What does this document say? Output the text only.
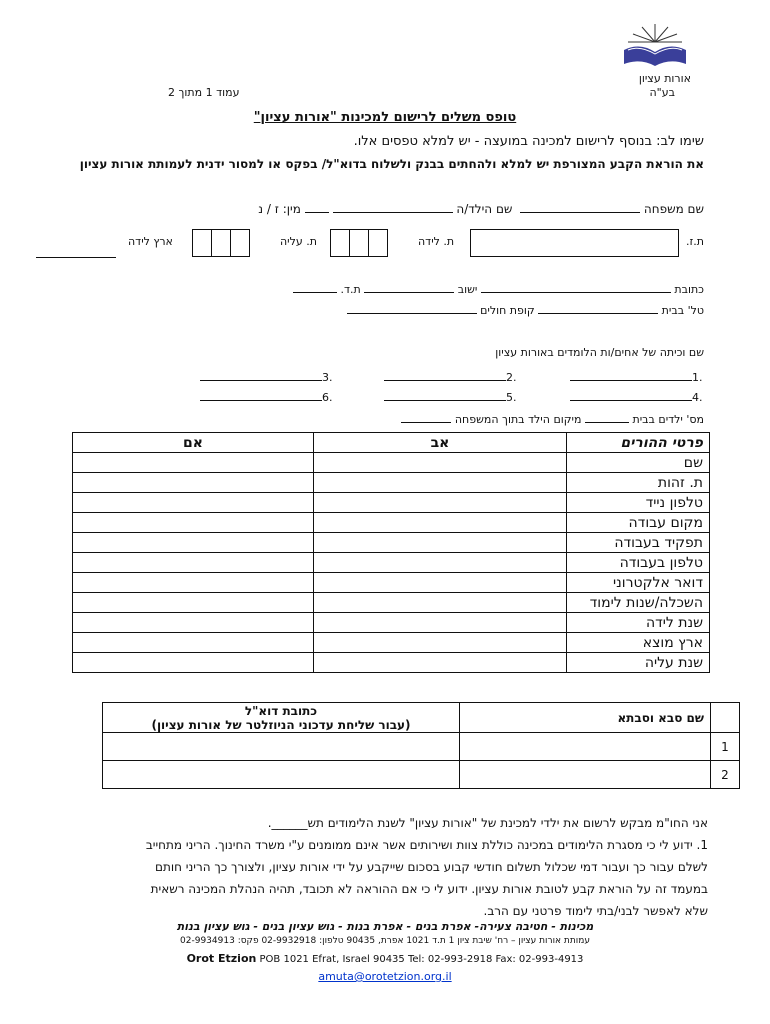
אורות עציון
בע"ה
עמוד 1 מתוך 2
טופס משלים לרישום למכינות "אורות עציון"
שימו לב: בנוסף לרישום למכינה במועצה - יש למלא טפסים אלו.
את הוראת הקבע המצורפת יש למלא ולהחתים בבנק ולשלוח בדוא"ל/ בפקס או למסור ידנית לעמותת אורות עציון
שם משפחה   שם הילד/ה   מין: ז / נ
ת.ז.
ת. לידה
ת. עליה
ארץ לידה
כתובת  ישוב  ת.ד.
טל' בבית  קופת חולים
שם וכיתה של אחים/ות הלומדים באורות עציון
1.
2.
3.
4.
5.
6.
מס' ילדים בבית  מיקום הילד בתוך המשפחה
פרטי ההורים	אב	אם
שם		
ת. זהות		
טלפון נייד		
מקום עבודה		
תפקיד בעבודה		
טלפון בעבודה		
דואר אלקטרוני		
השכלה/שנות לימוד		
שנת לידה		
ארץ מוצא		
שנת עליה		
	שם סבא וסבתא	כתובת דוא"ל
(עבור שליחת עדכוני הניוזלטר של אורות עציון)

1		
2		
אני החו"מ מבקש לרשום את ילדי למכינת של "אורות עציון" לשנת הלימודים תש______.
1. ידוע לי כי מסגרת הלימודים במכינה כוללת צוות ושירותים אשר אינם ממומנים ע"י משרד החינוך. הריני מתחייב
לשלם עבור כך ועבור דמי שכלול תשלום חודשי קבוע בסכום שייקבע על ידי אורות עציון, ולצורך כך הריני חותם
במעמד זה על הוראת קבע לטובת אורות עציון. ידוע לי כי אם ההוראה לא תכובד, תהיה הנהלת המכינה רשאית
שלא לאפשר לבני/בתי לימוד פרטני עם הרב.
מכינות - חטיבה צעירה- אפרת בנים - אפרת בנות - גוש עציון בנים - גוש עציון בנות
עמותת אורות עציון – רח' שיבת ציון 1 ת.ד 1021 אפרת, 90435 טלפון: 02-9932918 פקס: 02-9934913
Orot Etzion POB 1021 Efrat, Israel 90435 Tel: 02-993-2918 Fax: 02-993-4913
amuta@orotetzion.org.il
